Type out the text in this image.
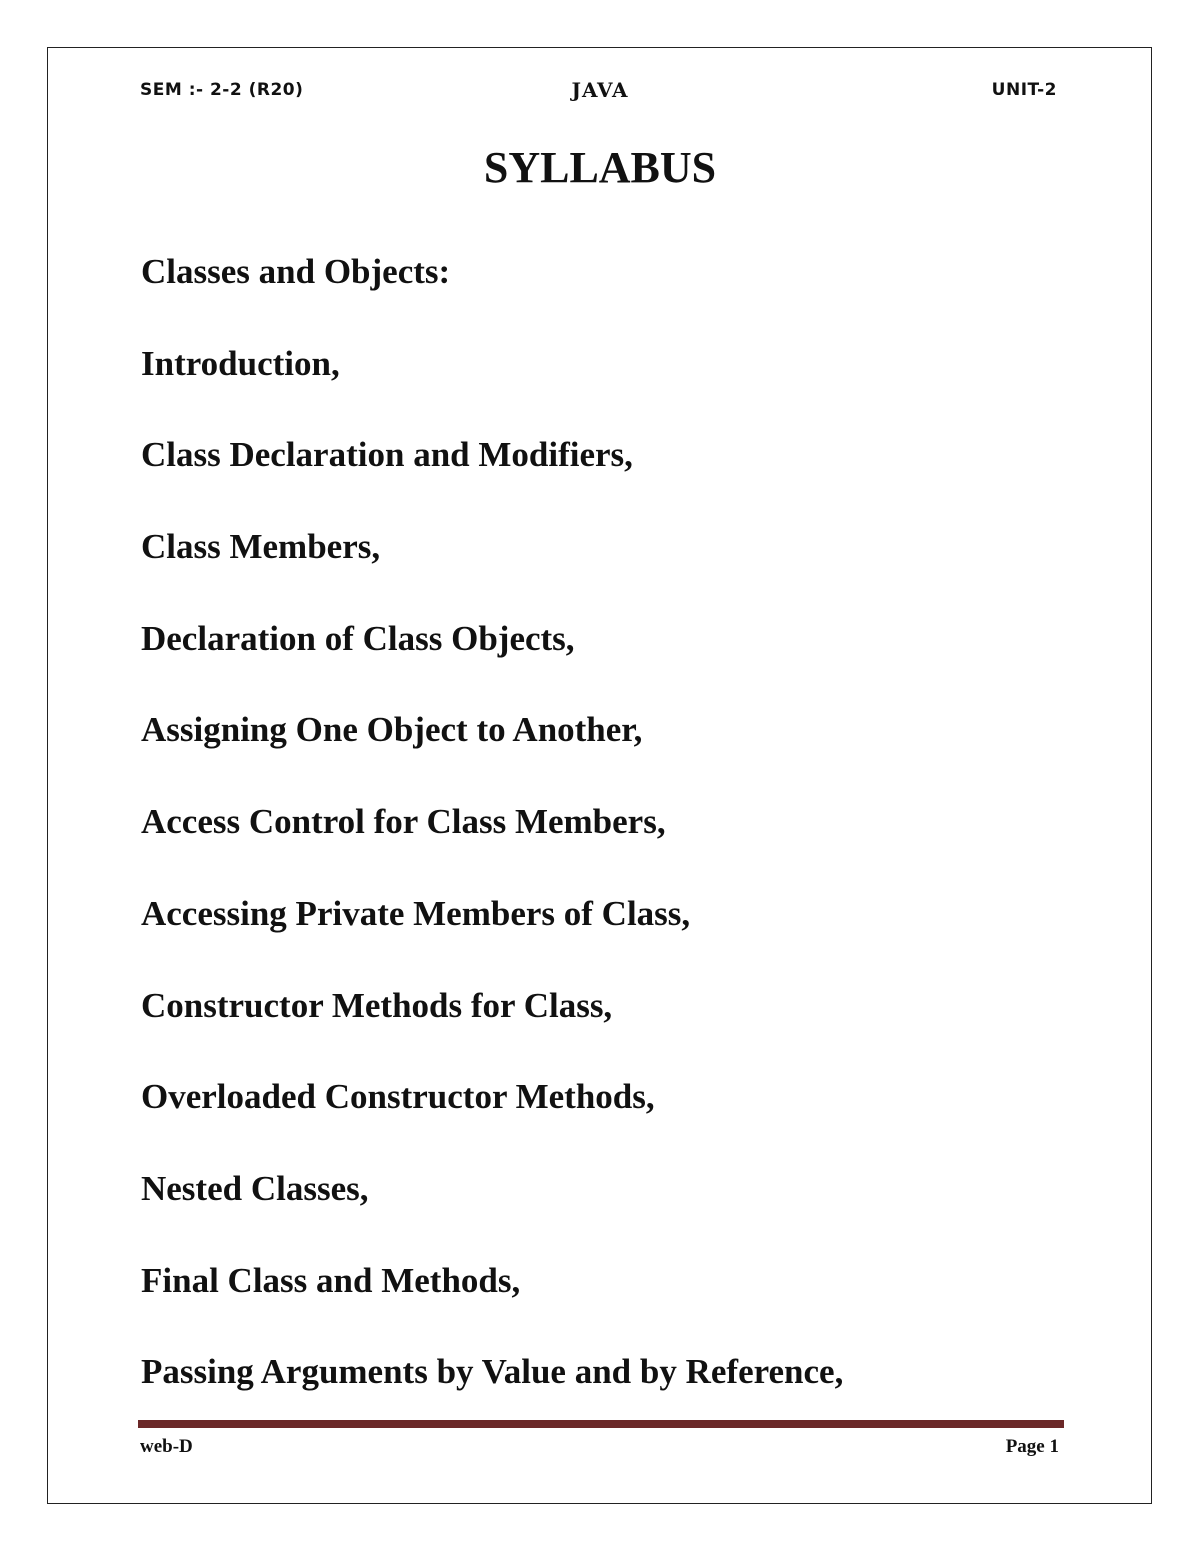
SEM :- 2-2 (R20)	JAVA	UNIT-2
SYLLABUS
Classes and Objects:
Introduction,
Class Declaration and Modifiers,
Class Members,
Declaration of Class Objects,
Assigning One Object to Another,
Access Control for Class Members,
Accessing Private Members of Class,
Constructor Methods for Class,
Overloaded Constructor Methods,
Nested Classes,
Final Class and Methods,
Passing Arguments by Value and by Reference,
web-D	Page 1
